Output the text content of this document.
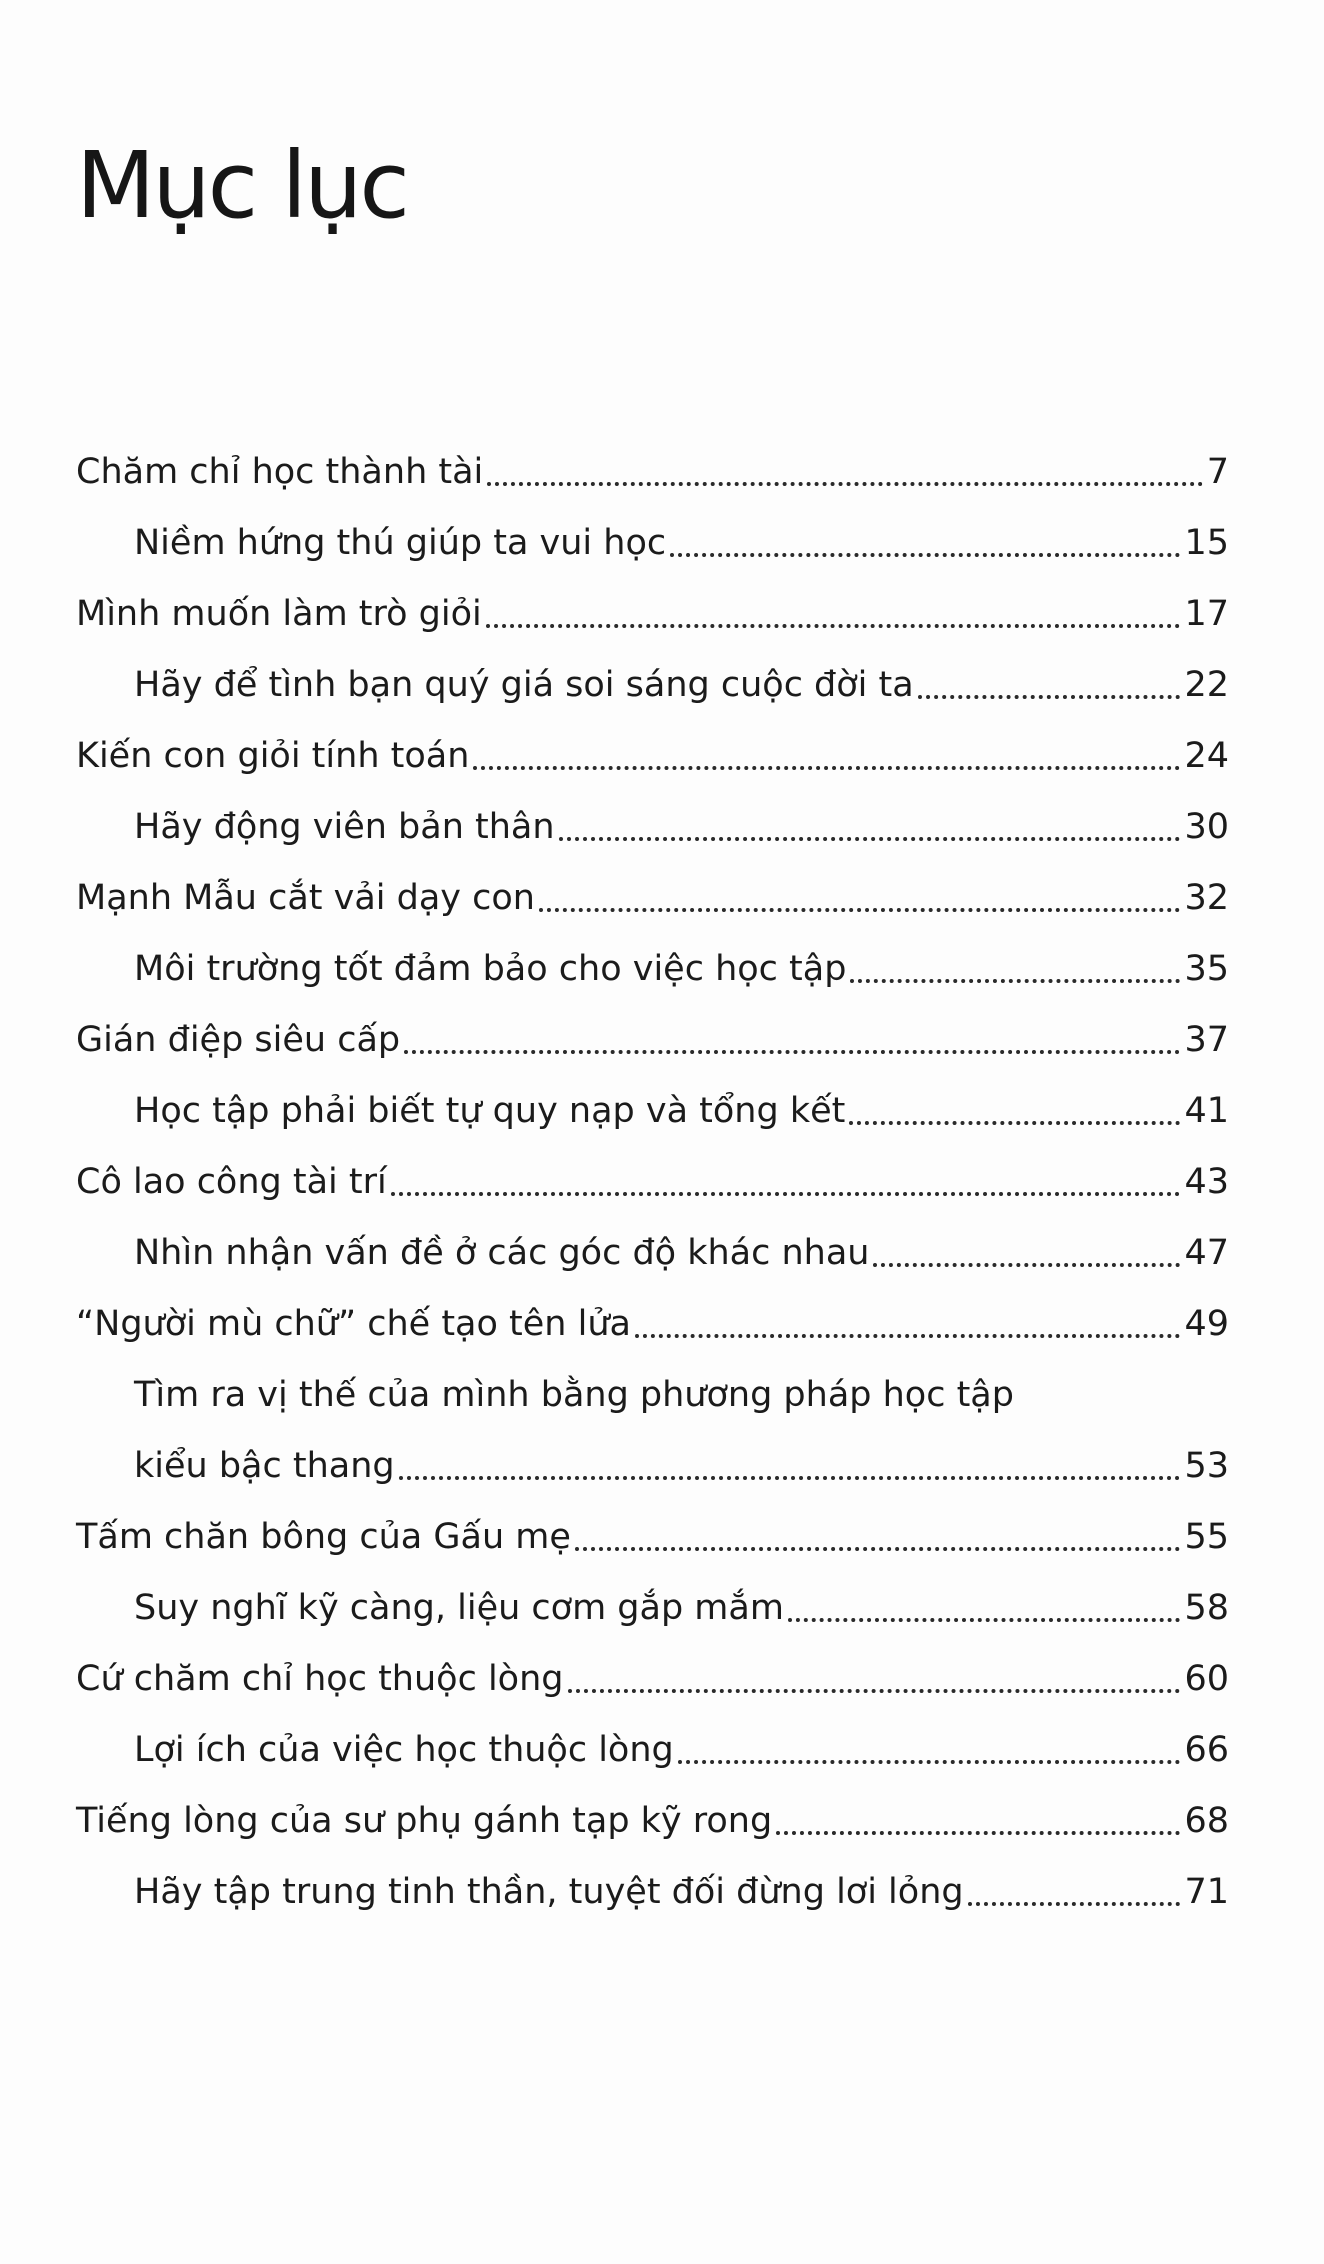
Mục lục
Chăm chỉ học thành tài	7
Niềm hứng thú giúp ta vui học	15
Mình muốn làm trò giỏi	17
Hãy để tình bạn quý giá soi sáng cuộc đời ta	22
Kiến con giỏi tính toán	24
Hãy động viên bản thân	30
Mạnh Mẫu cắt vải dạy con	32
Môi trường tốt đảm bảo cho việc học tập	35
Gián điệp siêu cấp	37
Học tập phải biết tự quy nạp và tổng kết	41
Cô lao công tài trí	43
Nhìn nhận vấn đề ở các góc độ khác nhau	47
“Người mù chữ” chế tạo tên lửa	49
Tìm ra vị thế của mình bằng phương pháp học tập
kiểu bậc thang	53
Tấm chăn bông của Gấu mẹ	55
Suy nghĩ kỹ càng, liệu cơm gắp mắm	58
Cứ chăm chỉ học thuộc lòng	60
Lợi ích của việc học thuộc lòng	66
Tiếng lòng của sư phụ gánh tạp kỹ rong	68
Hãy tập trung tinh thần, tuyệt đối đừng lơi lỏng	71
